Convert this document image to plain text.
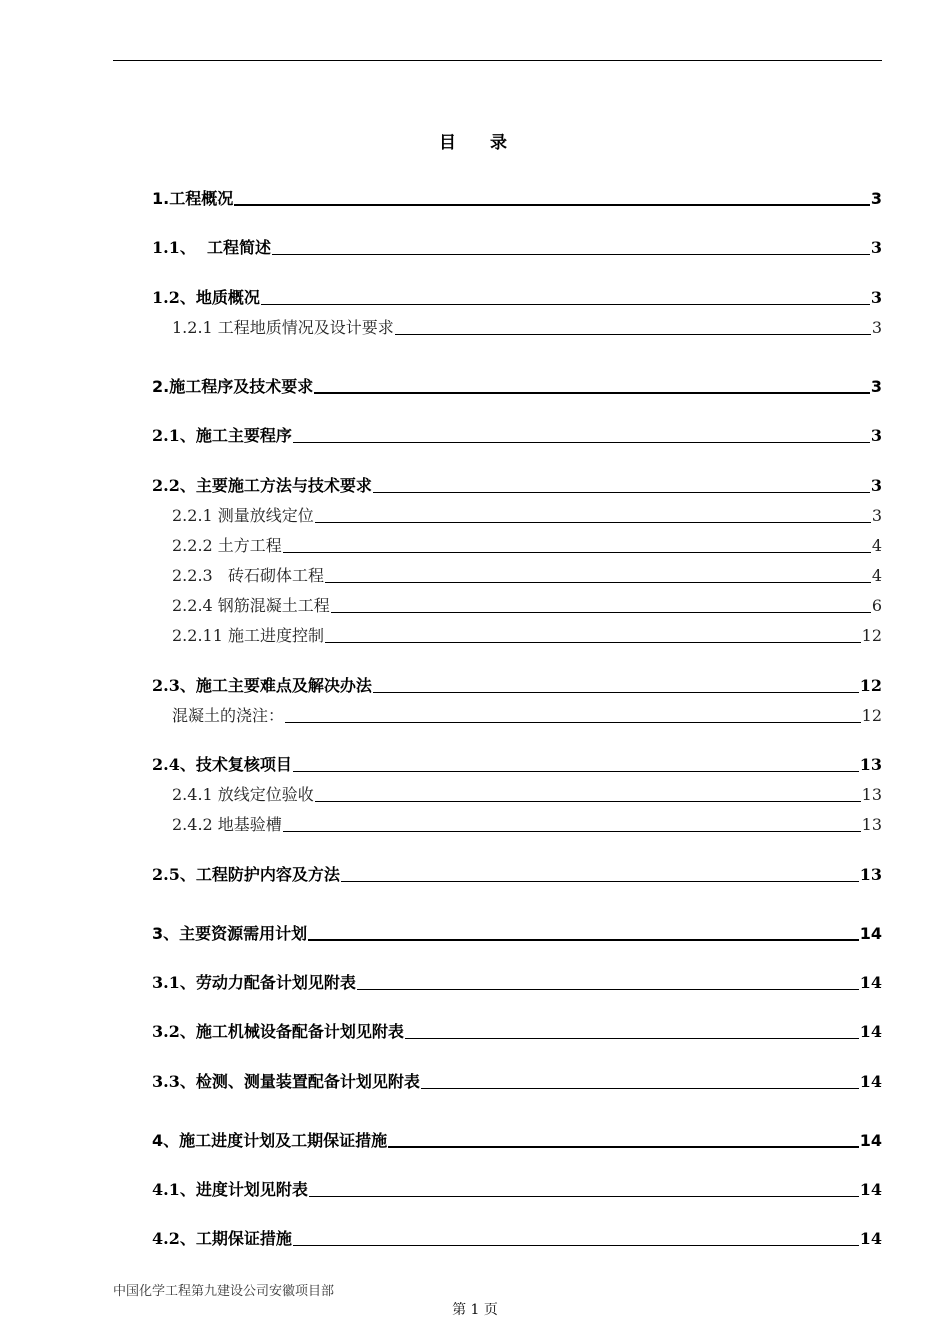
目 录
1.工程概况	3
1.1、  工程简述	3
1.2、地质概况	3
1.2.1 工程地质情况及设计要求	3
2.施工程序及技术要求	3
2.1、施工主要程序	3
2.2、主要施工方法与技术要求	3
2.2.1 测量放线定位	3
2.2.2 土方工程	4
2.2.3   砖石砌体工程	4
2.2.4 钢筋混凝土工程	6
2.2.11 施工进度控制	12
2.3、施工主要难点及解决办法	12
混凝土的浇注：	12
2.4、技术复核项目	13
2.4.1 放线定位验收	13
2.4.2 地基验槽	13
2.5、工程防护内容及方法	13
3、主要资源需用计划	14
3.1、劳动力配备计划见附表	14
3.2、施工机械设备配备计划见附表	14
3.3、检测、测量装置配备计划见附表	14
4、施工进度计划及工期保证措施	14
4.1、进度计划见附表	14
4.2、工期保证措施	14
中国化学工程第九建设公司安徽项目部
第 1 页
